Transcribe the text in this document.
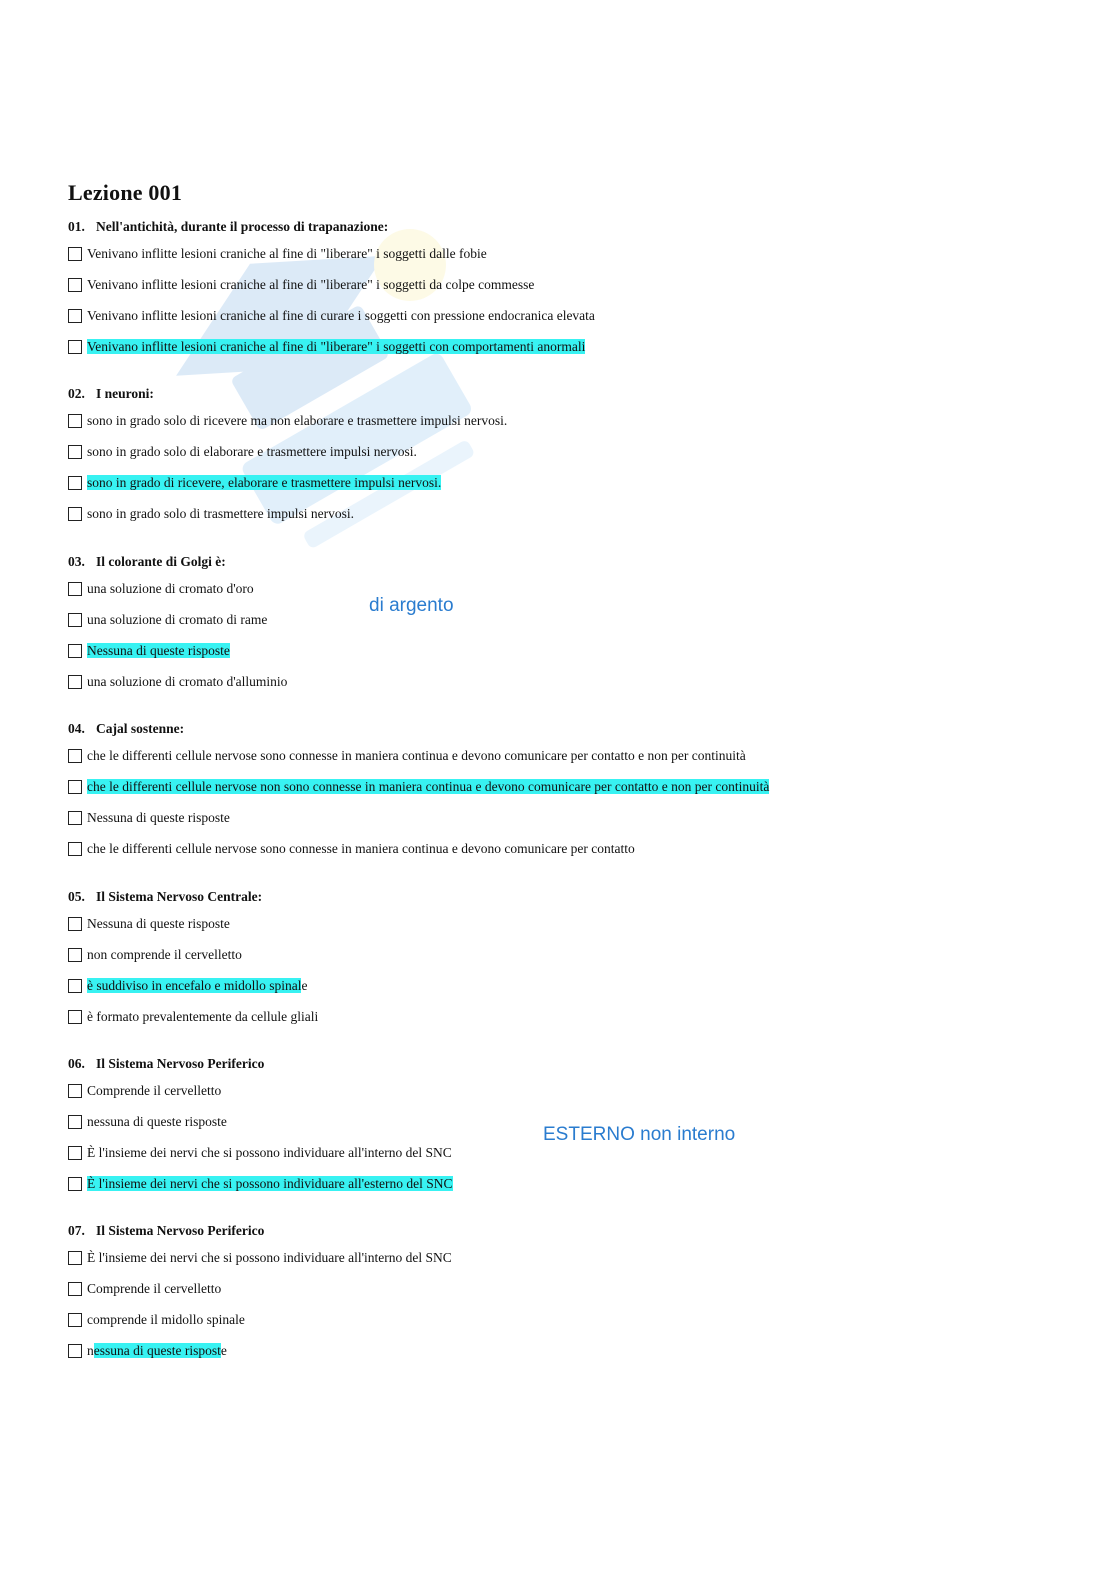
Lezione 001
01. Nell'antichità, durante il processo di trapanazione:
Venivano inflitte lesioni craniche al fine di "liberare" i soggetti dalle fobie
Venivano inflitte lesioni craniche al fine di "liberare" i soggetti da colpe commesse
Venivano inflitte lesioni craniche al fine di curare i soggetti con pressione endocranica elevata
Venivano inflitte lesioni craniche al fine di "liberare" i soggetti con comportamenti anormali
02. I neuroni:
sono in grado solo di ricevere ma non elaborare e trasmettere impulsi nervosi.
sono in grado solo di elaborare e trasmettere impulsi nervosi.
sono in grado di ricevere, elaborare e trasmettere impulsi nervosi.
sono in grado solo di trasmettere impulsi nervosi.
03. Il colorante di Golgi è:
una soluzione di cromato d'oro
una soluzione di cromato di rame
Nessuna di queste risposte
una soluzione di cromato d'alluminio
04. Cajal sostenne:
che le differenti cellule nervose sono connesse in maniera continua e devono comunicare per contatto e non per continuità
che le differenti cellule nervose non sono connesse in maniera continua e devono comunicare per contatto e non per continuità
Nessuna di queste risposte
che le differenti cellule nervose sono connesse in maniera continua e devono comunicare per contatto
05. Il Sistema Nervoso Centrale:
Nessuna di queste risposte
non comprende il cervelletto
è suddiviso in encefalo e midollo spinale
è formato prevalentemente da cellule gliali
06. Il Sistema Nervoso Periferico
Comprende il cervelletto
nessuna di queste risposte
È l'insieme dei nervi che si possono individuare all'interno del SNC
È l'insieme dei nervi che si possono individuare all'esterno del SNC
07. Il Sistema Nervoso Periferico
È l'insieme dei nervi che si possono individuare all'interno del SNC
Comprende il cervelletto
comprende il midollo spinale
nessuna di queste risposte
di argento
ESTERNO non interno
